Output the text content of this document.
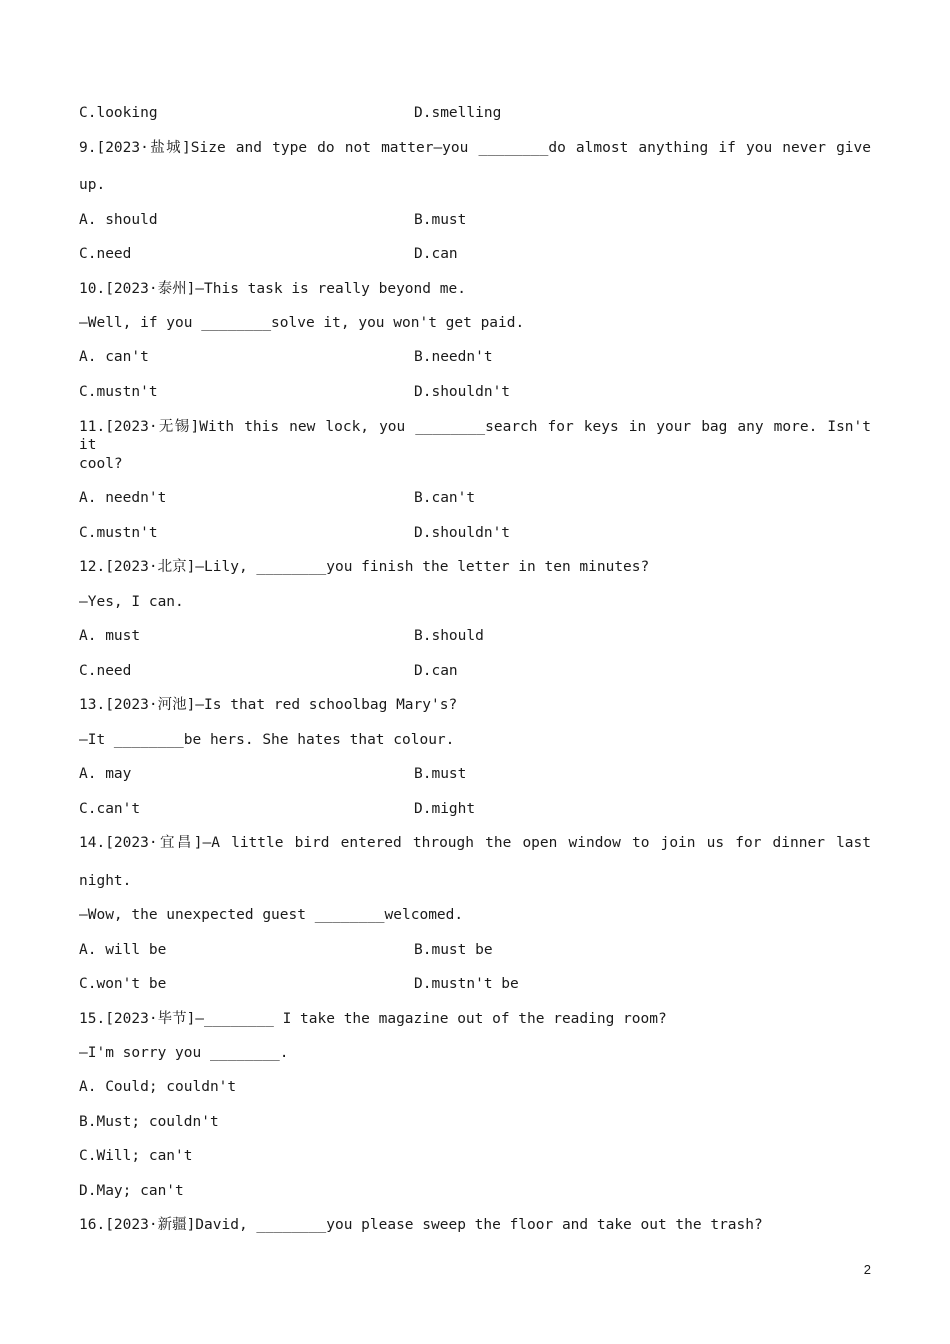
C.looking	D.smelling
9.[2023·盐城]Size and type do not matter—you ________do almost anything if you never give
up.
A. should	B.must
C.need	D.can
10.[2023·泰州]—This task is really beyond me.
—Well, if you ________solve it, you won't get paid.
A. can't	B.needn't
C.mustn't	D.shouldn't
11.[2023·无锡]With this new lock, you ________search for keys in your bag any more. Isn't it
cool?
A. needn't	B.can't
C.mustn't	D.shouldn't
12.[2023·北京]—Lily, ________you finish the letter in ten minutes?
—Yes, I can.
A. must	B.should
C.need	D.can
13.[2023·河池]—Is that red schoolbag Mary's?
—It ________be hers. She hates that colour.
A. may	B.must
C.can't	D.might
14.[2023·宜昌]—A little bird entered through the open window to join us for dinner last
night.
—Wow, the unexpected guest ________welcomed.
A. will be	B.must be
C.won't be	D.mustn't be
15.[2023·毕节]—________ I take the magazine out of the reading room?
—I'm sorry you ________.
A. Could; couldn't
B.Must; couldn't
C.Will; can't
D.May; can't
16.[2023·新疆]David, ________you please sweep the floor and take out the trash?
2
